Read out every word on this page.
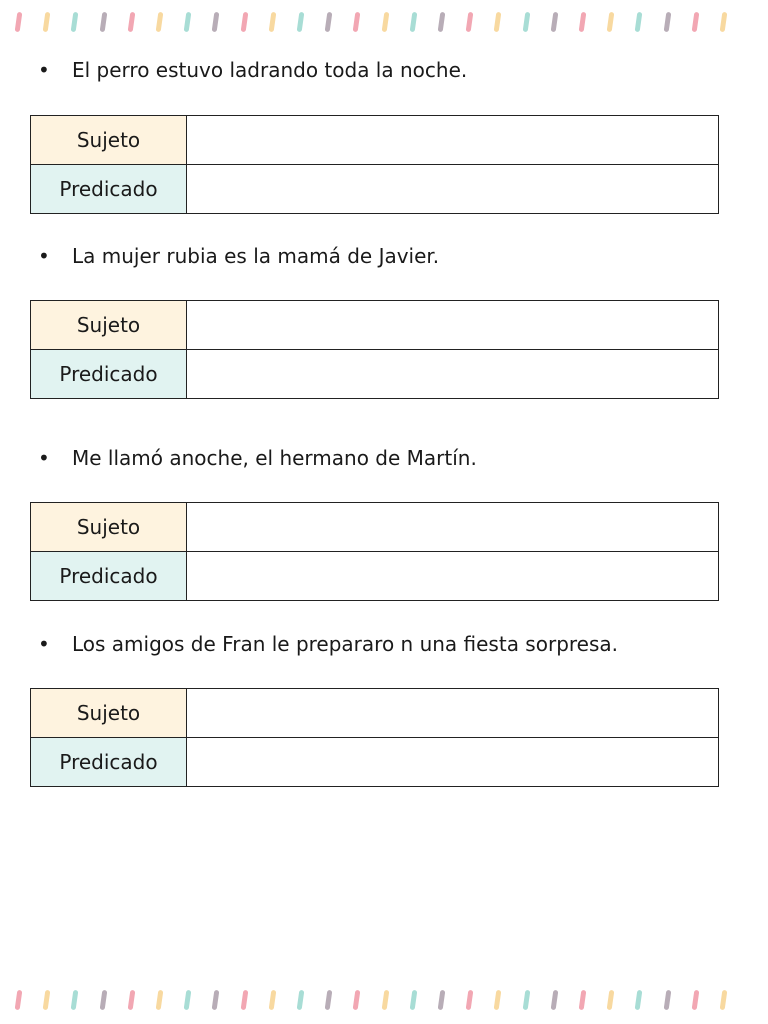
• El perro estuvo ladrando toda la noche.
Sujeto	
Predicado	
• La mujer rubia es la mamá de Javier.
Sujeto	
Predicado	
• Me llamó anoche, el hermano de Martín.
Sujeto	
Predicado	
• Los amigos de Fran le prepararo n una fiesta sorpresa.
Sujeto	
Predicado	
